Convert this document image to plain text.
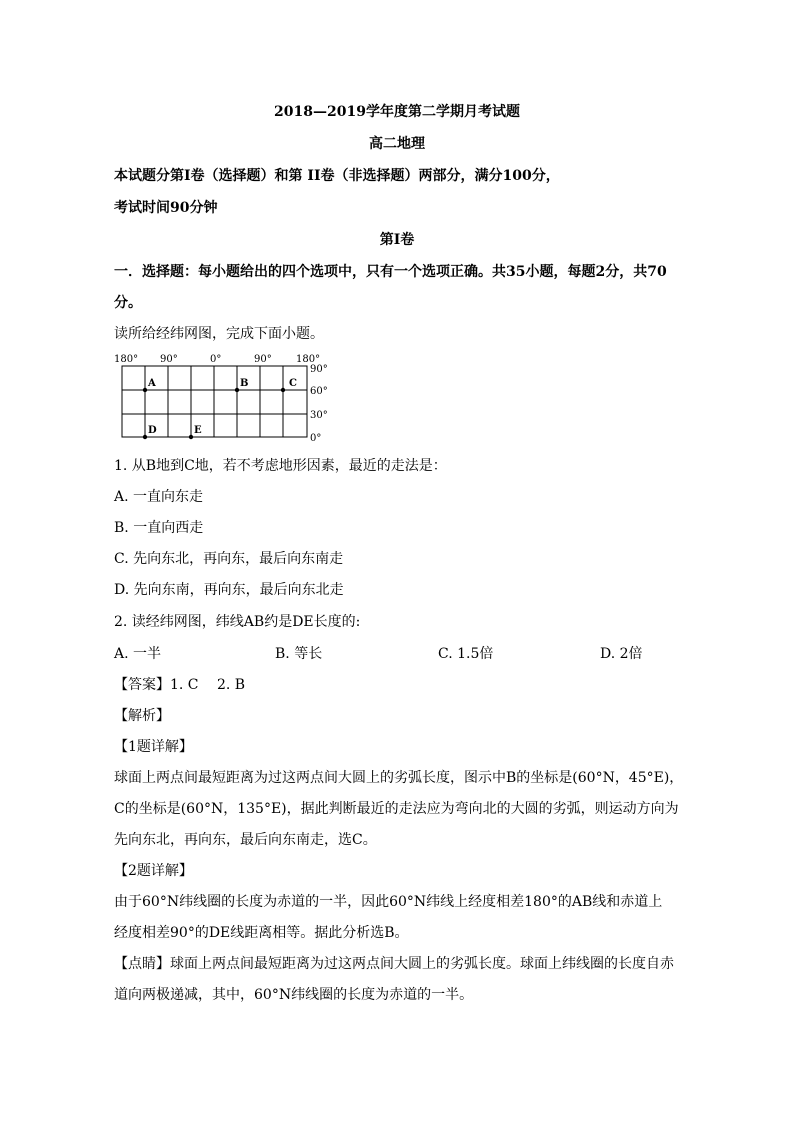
2018—2019学年度第二学期月考试题
高二地理
本试题分第Ⅰ卷（选择题）和第 II卷（非选择题）两部分，满分100分，
考试时间90分钟
第Ⅰ卷
一．选择题：每小题给出的四个选项中，只有一个选项正确。共35小题，每题2分，共70
分。
读所给经纬网图，完成下面小题。
180° 90°	0°	90° 180°
90°
60°
30°
0°
A	B	C
D	E
1. 从B地到C地，若不考虑地形因素，最近的走法是：
A. 一直向东走
B. 一直向西走
C. 先向东北，再向东，最后向东南走
D. 先向东南，再向东，最后向东北走
2. 读经纬网图，纬线AB约是DE长度的:
A. 一半	B. 等长	C. 1.5倍	D. 2倍
【答案】1. C　 2. B
【解析】
【1题详解】
球面上两点间最短距离为过这两点间大圆上的劣弧长度，图示中B的坐标是(60°N，45°E)，
C的坐标是(60°N，135°E)，据此判断最近的走法应为弯向北的大圆的劣弧，则运动方向为
先向东北，再向东，最后向东南走，选C。
【2题详解】
由于60°N纬线圈的长度为赤道的一半，因此60°N纬线上经度相差180°的AB线和赤道上
经度相差90°的DE线距离相等。据此分析选B。
【点睛】球面上两点间最短距离为过这两点间大圆上的劣弧长度。球面上纬线圈的长度自赤
道向两极递减，其中，60°N纬线圈的长度为赤道的一半。
